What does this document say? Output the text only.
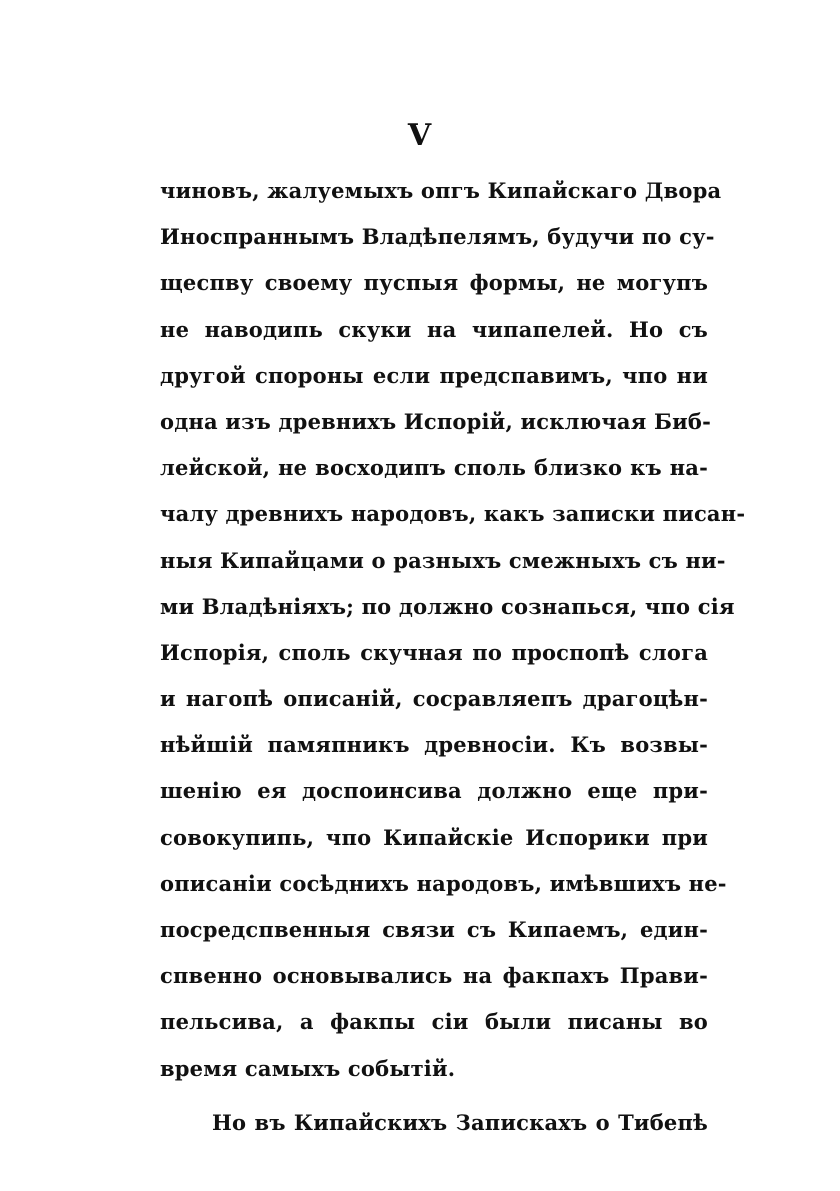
V
чиновъ, жалуемыхъ опгъ Кипайскаго Двора
Иноспраннымъ Владѣпелямъ, будучи по су-
щеспву своему пуспыя формы, не могупъ
не наводипь скуки на чипапелей. Но съ
другой спороны если предспавимъ, чпо ни
одна изъ древнихъ Испорій, исключая Биб-
лейской, не восходипъ споль близко къ на-
чалу древнихъ народовъ, какъ записки писан-
ныя Кипайцами о разныхъ смежныхъ съ ни-
ми Владѣніяхъ; по должно сознапься, чпо сія
Испорія, споль скучная по проспопѣ слога
и нагопѣ описаній, сосравляепъ драгоцѣн-
нѣйшій памяпникъ древносіи. Къ возвы-
шенію ея доспоинсива должно еще при-
совокупипь, чпо Кипайскіе Испорики при
описаніи сосѣднихъ народовъ, имѣвшихъ не-
посредспвенныя связи съ Кипаемъ, един-
спвенно основывались на факпахъ Прави-
пельсива, а факпы сіи были писаны во
время самыхъ событій.
Но въ Кипайскихъ Запискахъ о Тибепѣ
